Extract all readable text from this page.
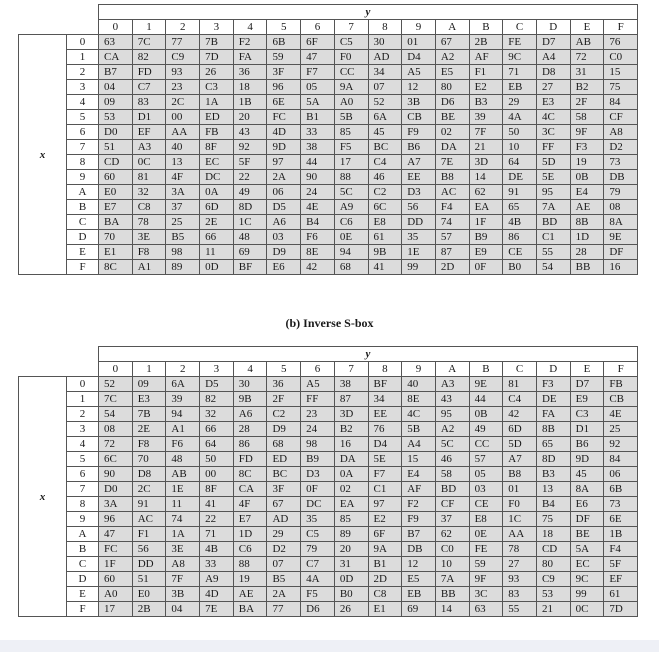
		y															
		0	1	2	3	4	5	6	7	8	9	A	B	C	D	E	F
x	0	63	7C	77	7B	F2	6B	6F	C5	30	01	67	2B	FE	D7	AB	76
	1	CA	82	C9	7D	FA	59	47	F0	AD	D4	A2	AF	9C	A4	72	C0
	2	B7	FD	93	26	36	3F	F7	CC	34	A5	E5	F1	71	D8	31	15
	3	04	C7	23	C3	18	96	05	9A	07	12	80	E2	EB	27	B2	75
	4	09	83	2C	1A	1B	6E	5A	A0	52	3B	D6	B3	29	E3	2F	84
	5	53	D1	00	ED	20	FC	B1	5B	6A	CB	BE	39	4A	4C	58	CF
	6	D0	EF	AA	FB	43	4D	33	85	45	F9	02	7F	50	3C	9F	A8
	7	51	A3	40	8F	92	9D	38	F5	BC	B6	DA	21	10	FF	F3	D2
	8	CD	0C	13	EC	5F	97	44	17	C4	A7	7E	3D	64	5D	19	73
	9	60	81	4F	DC	22	2A	90	88	46	EE	B8	14	DE	5E	0B	DB
	A	E0	32	3A	0A	49	06	24	5C	C2	D3	AC	62	91	95	E4	79
	B	E7	C8	37	6D	8D	D5	4E	A9	6C	56	F4	EA	65	7A	AE	08
	C	BA	78	25	2E	1C	A6	B4	C6	E8	DD	74	1F	4B	BD	8B	8A
	D	70	3E	B5	66	48	03	F6	0E	61	35	57	B9	86	C1	1D	9E
	E	E1	F8	98	11	69	D9	8E	94	9B	1E	87	E9	CE	55	28	DF
	F	8C	A1	89	0D	BF	E6	42	68	41	99	2D	0F	B0	54	BB	16
(b) Inverse S-box
		y															
		0	1	2	3	4	5	6	7	8	9	A	B	C	D	E	F
x	0	52	09	6A	D5	30	36	A5	38	BF	40	A3	9E	81	F3	D7	FB
	1	7C	E3	39	82	9B	2F	FF	87	34	8E	43	44	C4	DE	E9	CB
	2	54	7B	94	32	A6	C2	23	3D	EE	4C	95	0B	42	FA	C3	4E
	3	08	2E	A1	66	28	D9	24	B2	76	5B	A2	49	6D	8B	D1	25
	4	72	F8	F6	64	86	68	98	16	D4	A4	5C	CC	5D	65	B6	92
	5	6C	70	48	50	FD	ED	B9	DA	5E	15	46	57	A7	8D	9D	84
	6	90	D8	AB	00	8C	BC	D3	0A	F7	E4	58	05	B8	B3	45	06
	7	D0	2C	1E	8F	CA	3F	0F	02	C1	AF	BD	03	01	13	8A	6B
	8	3A	91	11	41	4F	67	DC	EA	97	F2	CF	CE	F0	B4	E6	73
	9	96	AC	74	22	E7	AD	35	85	E2	F9	37	E8	1C	75	DF	6E
	A	47	F1	1A	71	1D	29	C5	89	6F	B7	62	0E	AA	18	BE	1B
	B	FC	56	3E	4B	C6	D2	79	20	9A	DB	C0	FE	78	CD	5A	F4
	C	1F	DD	A8	33	88	07	C7	31	B1	12	10	59	27	80	EC	5F
	D	60	51	7F	A9	19	B5	4A	0D	2D	E5	7A	9F	93	C9	9C	EF
	E	A0	E0	3B	4D	AE	2A	F5	B0	C8	EB	BB	3C	83	53	99	61
	F	17	2B	04	7E	BA	77	D6	26	E1	69	14	63	55	21	0C	7D
